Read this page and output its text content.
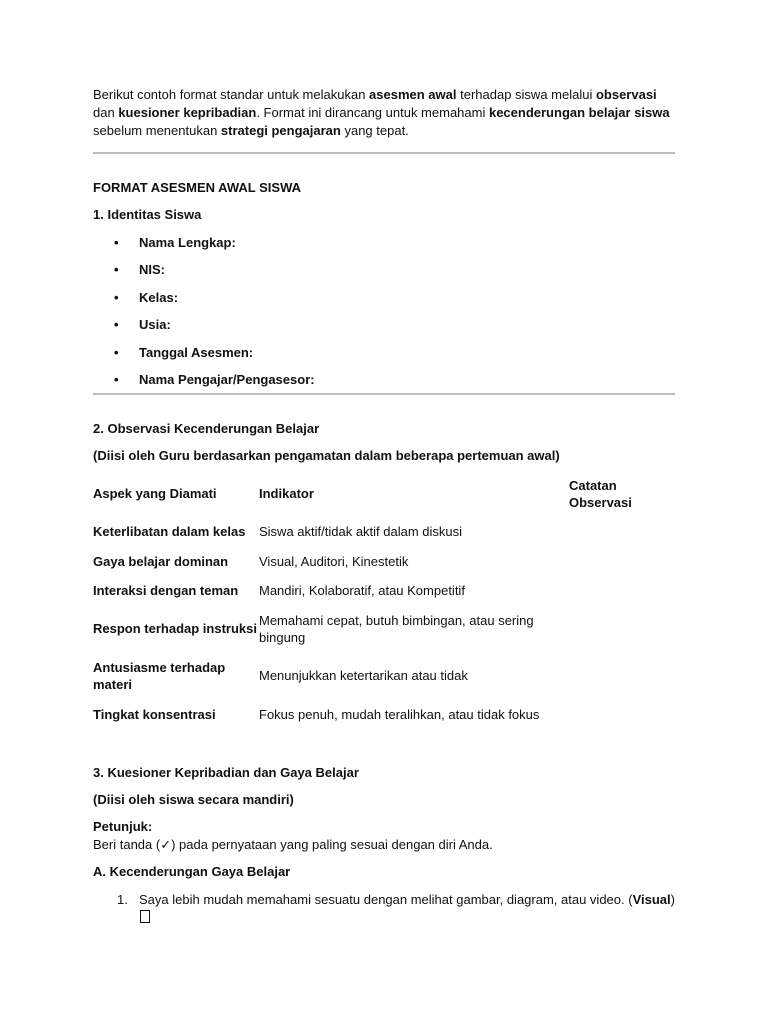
Berikut contoh format standar untuk melakukan asesmen awal terhadap siswa melalui observasi dan kuesioner kepribadian. Format ini dirancang untuk memahami kecenderungan belajar siswa sebelum menentukan strategi pengajaran yang tepat.

FORMAT ASESMEN AWAL SISWA

1. Identitas Siswa

• Nama Lengkap:
• NIS:
• Kelas:
• Usia:
• Tanggal Asesmen:
• Nama Pengajar/Pengasesor:

2. Observasi Kecenderungan Belajar

(Diisi oleh Guru berdasarkan pengamatan dalam beberapa pertemuan awal)

Aspek yang Diamati	Indikator	Catatan Observasi
Keterlibatan dalam kelas	Siswa aktif/tidak aktif dalam diskusi	
Gaya belajar dominan	Visual, Auditori, Kinestetik	
Interaksi dengan teman	Mandiri, Kolaboratif, atau Kompetitif	
Respon terhadap instruksi	Memahami cepat, butuh bimbingan, atau sering bingung	
Antusiasme terhadap materi	Menunjukkan ketertarikan atau tidak	
Tingkat konsentrasi	Fokus penuh, mudah teralihkan, atau tidak fokus	

3. Kuesioner Kepribadian dan Gaya Belajar

(Diisi oleh siswa secara mandiri)

Petunjuk:

Beri tanda (✓) pada pernyataan yang paling sesuai dengan diri Anda.

A. Kecenderungan Gaya Belajar

1. Saya lebih mudah memahami sesuatu dengan melihat gambar, diagram, atau video. (Visual)
